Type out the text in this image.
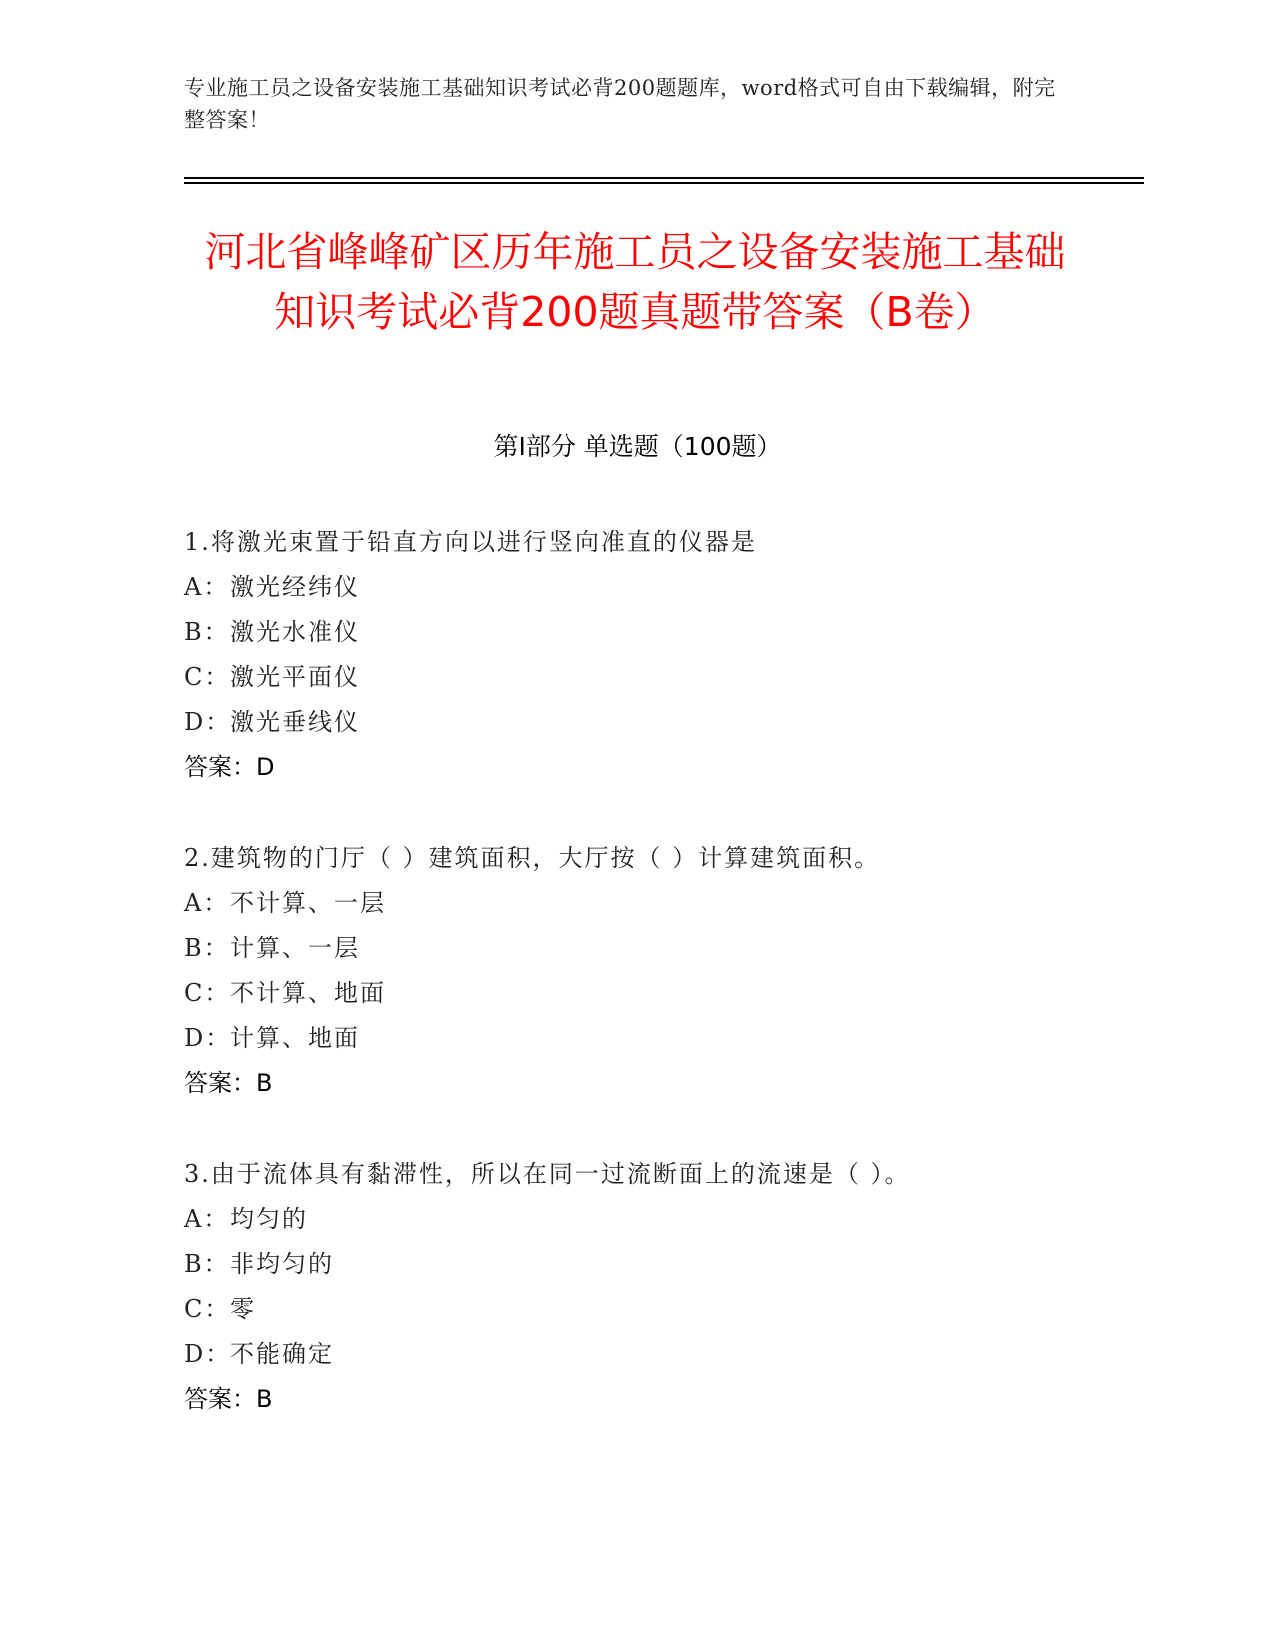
专业施工员之设备安装施工基础知识考试必背200题题库，word格式可自由下载编辑，附完整答案！
河北省峰峰矿区历年施工员之设备安装施工基础知识考试必背200题真题带答案（B卷）
第I部分 单选题（100题）
1.将激光束置于铅直方向以进行竖向准直的仪器是
A：激光经纬仪
B：激光水准仪
C：激光平面仪
D：激光垂线仪
答案：D
2.建筑物的门厅（ ）建筑面积，大厅按（ ）计算建筑面积。
A：不计算、一层
B：计算、一层
C：不计算、地面
D：计算、地面
答案：B
3.由于流体具有黏滞性，所以在同一过流断面上的流速是（ ）。
A：均匀的
B：非均匀的
C：零
D：不能确定
答案：B
